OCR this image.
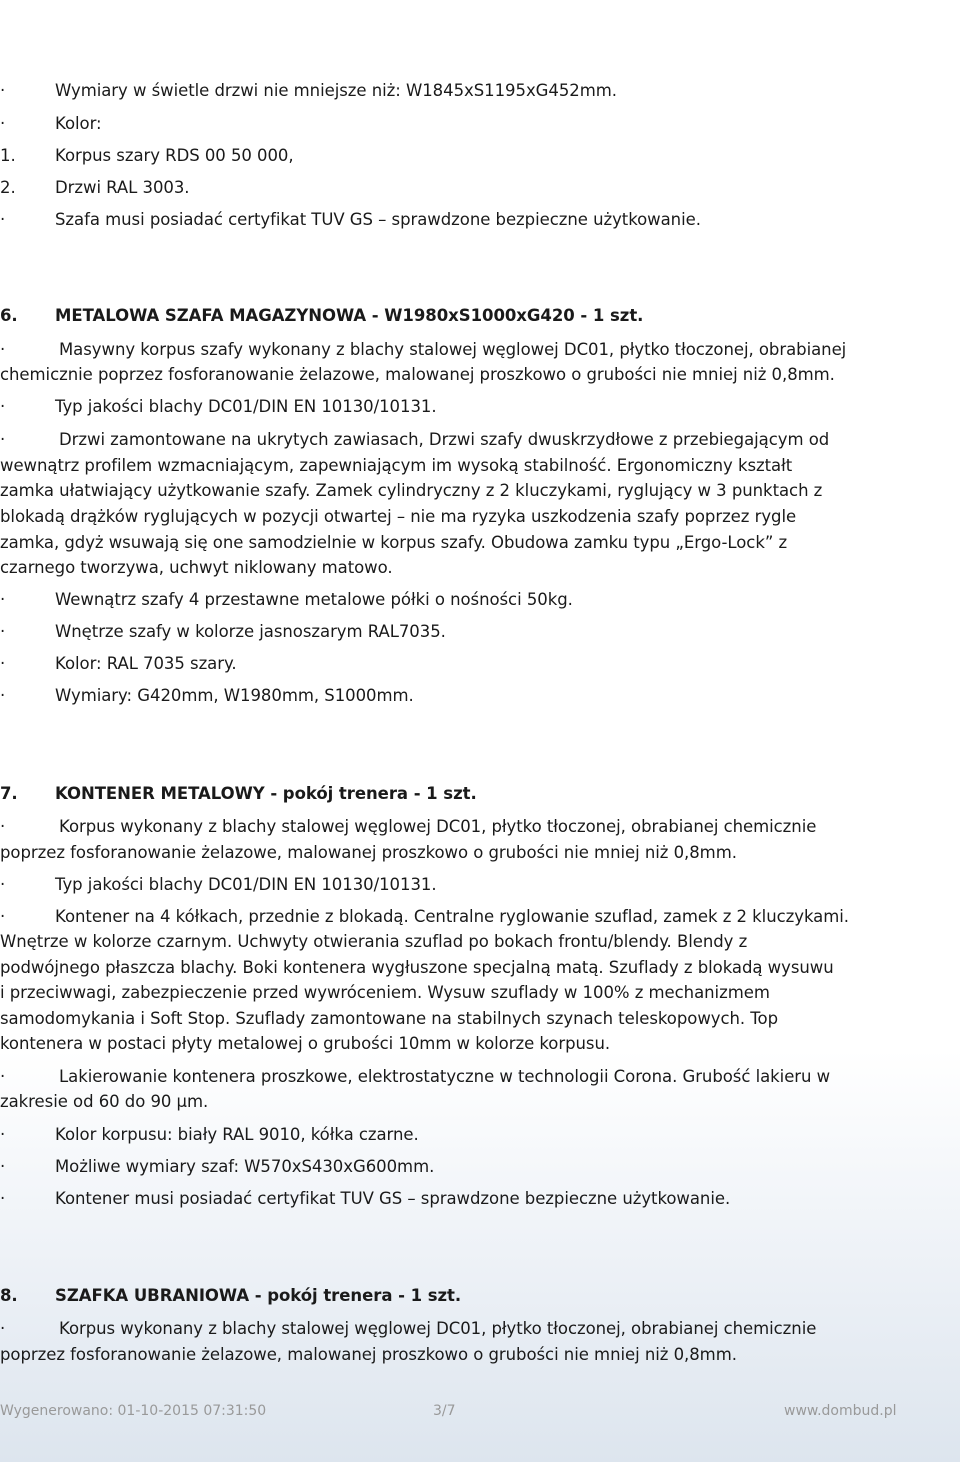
·	Wymiary w świetle drzwi nie mniejsze niż: W1845xS1195xG452mm.
·	Kolor:
1. Korpus szary RDS 00 50 000,
2. Drzwi RAL 3003.
·	Szafa musi posiadać certyfikat TUV GS – sprawdzone bezpieczne użytkowanie.
6. METALOWA SZAFA MAGAZYNOWA - W1980xS1000xG420 - 1 szt.
·	Masywny korpus szafy wykonany z blachy stalowej węglowej DC01, płytko tłoczonej, obrabianej
chemicznie poprzez fosforanowanie żelazowe, malowanej proszkowo o grubości nie mniej niż 0,8mm.
·	Typ jakości blachy DC01/DIN EN 10130/10131.
·	Drzwi zamontowane na ukrytych zawiasach, Drzwi szafy dwuskrzydłowe z przebiegającym od
wewnątrz profilem wzmacniającym, zapewniającym im wysoką stabilność. Ergonomiczny kształt
zamka ułatwiający użytkowanie szafy. Zamek cylindryczny z 2 kluczykami, ryglujący w 3 punktach z
blokadą drążków ryglujących w pozycji otwartej – nie ma ryzyka uszkodzenia szafy poprzez rygle
zamka, gdyż wsuwają się one samodzielnie w korpus szafy. Obudowa zamku typu „Ergo-Lock” z
czarnego tworzywa, uchwyt niklowany matowo.
·	Wewnątrz szafy 4 przestawne metalowe półki o nośności 50kg.
·	Wnętrze szafy w kolorze jasnoszarym RAL7035.
·	Kolor: RAL 7035 szary.
·	Wymiary: G420mm, W1980mm, S1000mm.
7. KONTENER METALOWY - pokój trenera - 1 szt.
·	Korpus wykonany z blachy stalowej węglowej DC01, płytko tłoczonej, obrabianej chemicznie
poprzez fosforanowanie żelazowe, malowanej proszkowo o grubości nie mniej niż 0,8mm.
·	Typ jakości blachy DC01/DIN EN 10130/10131.
·	Kontener na 4 kółkach, przednie z blokadą. Centralne ryglowanie szuflad, zamek z 2 kluczykami.
Wnętrze w kolorze czarnym. Uchwyty otwierania szuflad po bokach frontu/blendy. Blendy z
podwójnego płaszcza blachy. Boki kontenera wygłuszone specjalną matą. Szuflady z blokadą wysuwu
i przeciwwagi, zabezpieczenie przed wywróceniem. Wysuw szuflady w 100% z mechanizmem
samodomykania i Soft Stop. Szuflady zamontowane na stabilnych szynach teleskopowych. Top
kontenera w postaci płyty metalowej o grubości 10mm w kolorze korpusu.
·	Lakierowanie kontenera proszkowe, elektrostatyczne w technologii Corona. Grubość lakieru w
zakresie od 60 do 90 µm.
·	Kolor korpusu: biały RAL 9010, kółka czarne.
·	Możliwe wymiary szaf: W570xS430xG600mm.
·	Kontener musi posiadać certyfikat TUV GS – sprawdzone bezpieczne użytkowanie.
8. SZAFKA UBRANIOWA - pokój trenera - 1 szt.
·	Korpus wykonany z blachy stalowej węglowej DC01, płytko tłoczonej, obrabianej chemicznie
poprzez fosforanowanie żelazowe, malowanej proszkowo o grubości nie mniej niż 0,8mm.
Wygenerowano: 01-10-2015 07:31:50	3/7	www.dombud.pl
